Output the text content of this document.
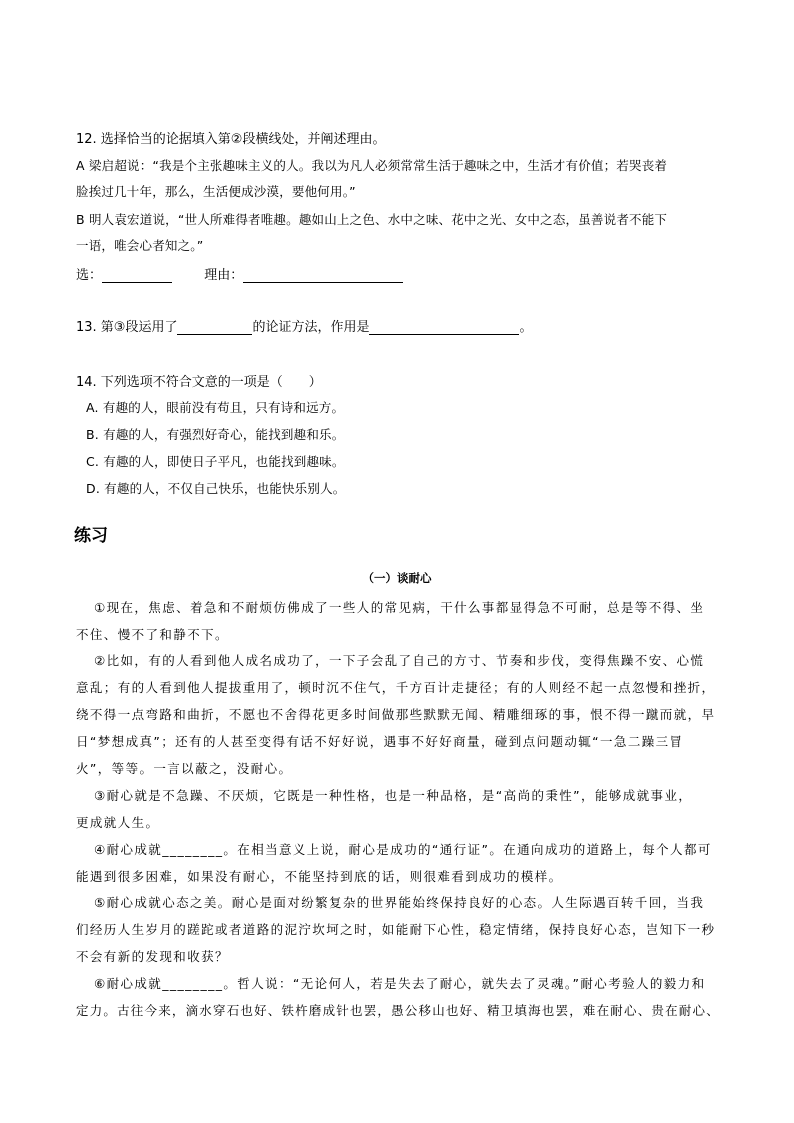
12. 选择恰当的论据填入第②段横线处，并阐述理由。
A 梁启超说：“我是个主张趣味主义的人。我以为凡人必须常常生活于趣味之中，生活才有价值；若哭丧着
脸挨过几十年，那么，生活便成沙漠，要他何用。”
B 明人袁宏道说，“世人所难得者唯趣。趣如山上之色、水中之味、花中之光、女中之态，虽善说者不能下
一语，唯会心者知之。”
选：	理由：
13. 第③段运用了	的论证方法，作用是	。
14. 下列选项不符合文意的一项是（　　）
A. 有趣的人，眼前没有苟且，只有诗和远方。
B. 有趣的人，有强烈好奇心，能找到趣和乐。
C. 有趣的人，即使日子平凡，也能找到趣味。
D. 有趣的人，不仅自己快乐，也能快乐别人。
练习
（一）谈耐心
①现在，焦虑、着急和不耐烦仿佛成了一些人的常见病，干什么事都显得急不可耐，总是等不得、坐
不住、慢不了和静不下。
②比如，有的人看到他人成名成功了，一下子会乱了自己的方寸、节奏和步伐，变得焦躁不安、心慌
意乱；有的人看到他人提拔重用了，顿时沉不住气，千方百计走捷径；有的人则经不起一点忽慢和挫折，
绕不得一点弯路和曲折，不愿也不舍得花更多时间做那些默默无闻、精雕细琢的事，恨不得一蹴而就，早
日“梦想成真”；还有的人甚至变得有话不好好说，遇事不好好商量，碰到点问题动辄“一急二躁三冒
火”，等等。一言以蔽之，没耐心。
③耐心就是不急躁、不厌烦，它既是一种性格，也是一种品格，是“高尚的秉性”，能够成就事业，
更成就人生。
④耐心成就________。在相当意义上说，耐心是成功的“通行证”。在通向成功的道路上，每个人都可
能遇到很多困难，如果没有耐心，不能坚持到底的话，则很难看到成功的模样。
⑤耐心成就心态之美。耐心是面对纷繁复杂的世界能始终保持良好的心态。人生际遇百转千回，当我
们经历人生岁月的蹉跎或者道路的泥泞坎坷之时，如能耐下心性，稳定情绪，保持良好心态，岂知下一秒
不会有新的发现和收获？
⑥耐心成就________。哲人说：“无论何人，若是失去了耐心，就失去了灵魂。”耐心考验人的毅力和
定力。古往今来，滴水穿石也好、铁杵磨成针也罢，愚公移山也好、精卫填海也罢，难在耐心、贵在耐心、
